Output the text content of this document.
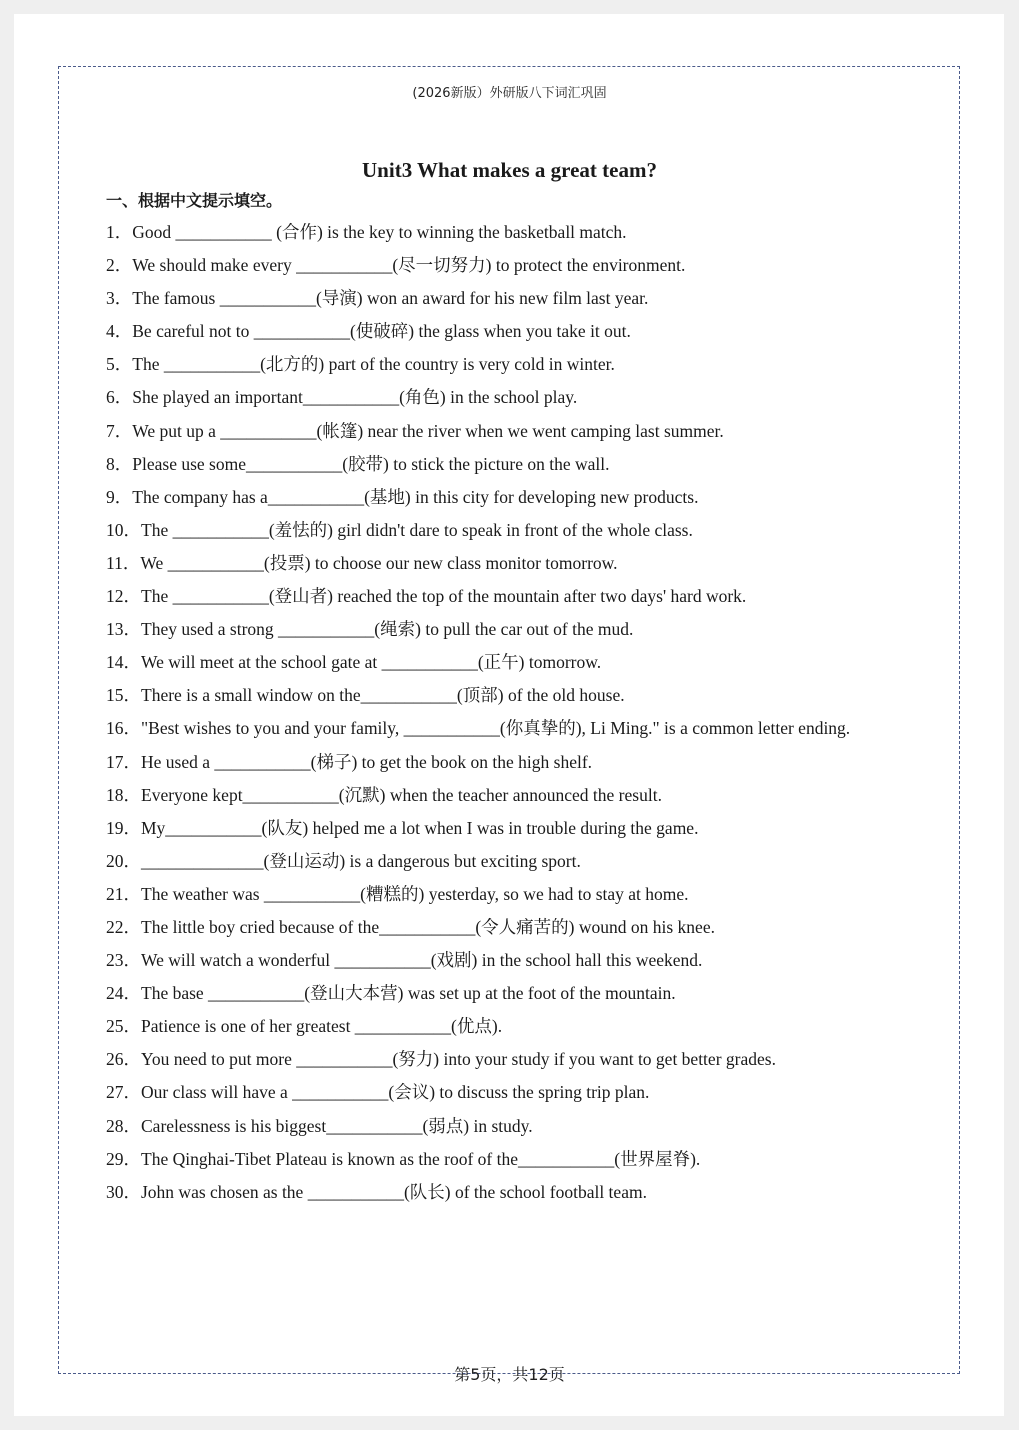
(2026新版）外研版八下词汇巩固
Unit3 What makes a great team?
一、根据中文提示填空。
1．Good ___________ (合作) is the key to winning the basketball match.
2．We should make every ___________(尽一切努力) to protect the environment.
3．The famous ___________(导演) won an award for his new film last year.
4．Be careful not to ___________(使破碎) the glass when you take it out.
5．The ___________(北方的) part of the country is very cold in winter.
6．She played an important___________(角色) in the school play.
7．We put up a ___________(帐篷) near the river when we went camping last summer.
8．Please use some___________(胶带) to stick the picture on the wall.
9．The company has a___________(基地) in this city for developing new products.
10．The ___________(羞怯的) girl didn't dare to speak in front of the whole class.
11．We ___________(投票) to choose our new class monitor tomorrow.
12．The ___________(登山者) reached the top of the mountain after two days' hard work.
13．They used a strong ___________(绳索) to pull the car out of the mud.
14．We will meet at the school gate at ___________(正午) tomorrow.
15．There is a small window on the___________(顶部) of the old house.
16．"Best wishes to you and your family, ___________(你真挚的), Li Ming." is a common letter ending.
17．He used a ___________(梯子) to get the book on the high shelf.
18．Everyone kept___________(沉默) when the teacher announced the result.
19．My___________(队友) helped me a lot when I was in trouble during the game.
20．______________(登山运动) is a dangerous but exciting sport.
21．The weather was ___________(糟糕的) yesterday, so we had to stay at home.
22．The little boy cried because of the___________(令人痛苦的) wound on his knee.
23．We will watch a wonderful ___________(戏剧) in the school hall this weekend.
24．The base ___________(登山大本营) was set up at the foot of the mountain.
25．Patience is one of her greatest ___________(优点).
26．You need to put more ___________(努力) into your study if you want to get better grades.
27．Our class will have a ___________(会议) to discuss the spring trip plan.
28．Carelessness is his biggest___________(弱点) in study.
29．The Qinghai-Tibet Plateau is known as the roof of the___________(世界屋脊).
30．John was chosen as the ___________(队长) of the school football team.
第5页，共12页
